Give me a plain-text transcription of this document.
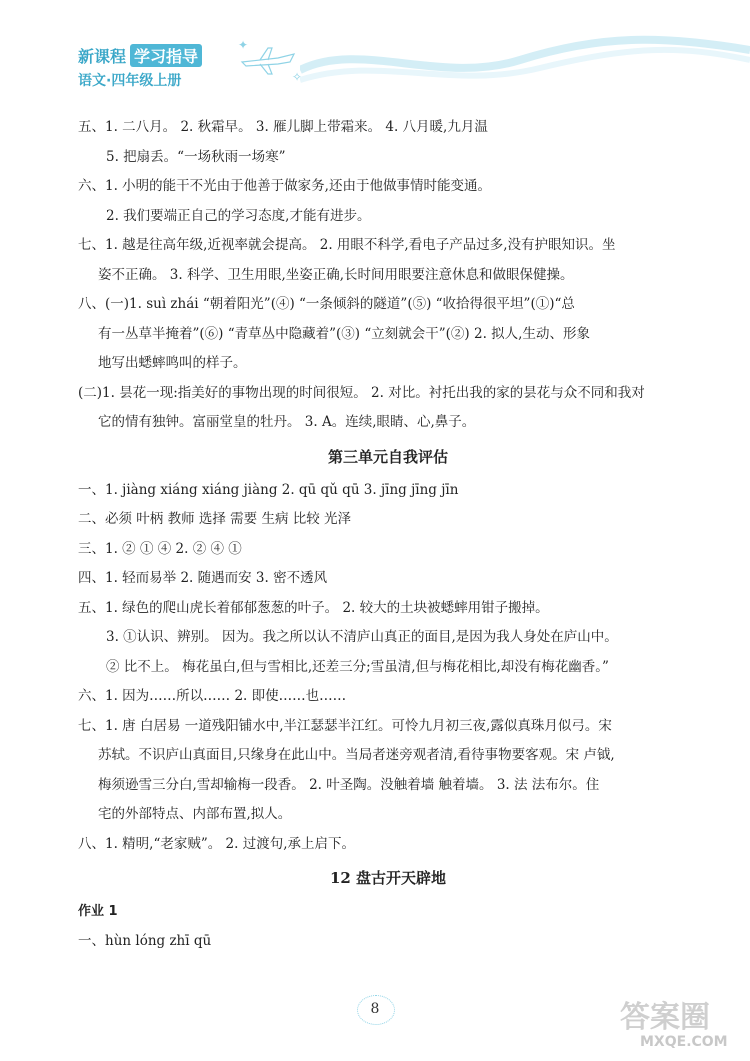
新课程 学习指导
语文·四年级上册
✦
✧
五、1. 二八月。 2. 秋霜早。 3. 雁儿脚上带霜来。 4. 八月暖,九月温
5. 把扇丢。“一场秋雨一场寒”
六、1. 小明的能干不光由于他善于做家务,还由于他做事情时能变通。
2. 我们要端正自己的学习态度,才能有进步。
七、1. 越是往高年级,近视率就会提高。 2. 用眼不科学,看电子产品过多,没有护眼知识。坐
姿不正确。 3. 科学、卫生用眼,坐姿正确,长时间用眼要注意休息和做眼保健操。
八、(一)1. suì zhái “朝着阳光”(④) “一条倾斜的隧道”(⑤) “收拾得很平坦”(①)“总
有一丛草半掩着”(⑥) “青草丛中隐藏着”(③) “立刻就会干”(②) 2. 拟人,生动、形象
地写出蟋蟀鸣叫的样子。
(二)1. 昙花一现:指美好的事物出现的时间很短。 2. 对比。衬托出我的家的昙花与众不同和我对
它的情有独钟。富丽堂皇的牡丹。 3. A。连续,眼睛、心,鼻子。
第三单元自我评估
一、1. jiàng xiáng xiáng jiàng 2. qū qǔ qū 3. jīng jīng jīn
二、必须 叶柄 教师 选择 需要 生病 比较 光泽
三、1. ② ① ④ 2. ② ④ ①
四、1. 轻而易举 2. 随遇而安 3. 密不透风
五、1. 绿色的爬山虎长着郁郁葱葱的叶子。 2. 较大的土块被蟋蟀用钳子搬掉。
3. ①认识、辨别。 因为。我之所以认不清庐山真正的面目,是因为我人身处在庐山中。
② 比不上。 梅花虽白,但与雪相比,还差三分;雪虽清,但与梅花相比,却没有梅花幽香。”
六、1. 因为……所以…… 2. 即使……也……
七、1. 唐 白居易 一道残阳铺水中,半江瑟瑟半江红。可怜九月初三夜,露似真珠月似弓。宋
苏轼。不识庐山真面目,只缘身在此山中。当局者迷旁观者清,看待事物要客观。宋 卢钺,
梅须逊雪三分白,雪却输梅一段香。 2. 叶圣陶。没触着墙 触着墙。 3. 法 法布尔。住
宅的外部特点、内部布置,拟人。
八、1. 精明,“老家贼”。 2. 过渡句,承上启下。
12 盘古开天辟地
作业 1
一、hùn lóng zhī qū
8	答案圈
MXQE.COM
